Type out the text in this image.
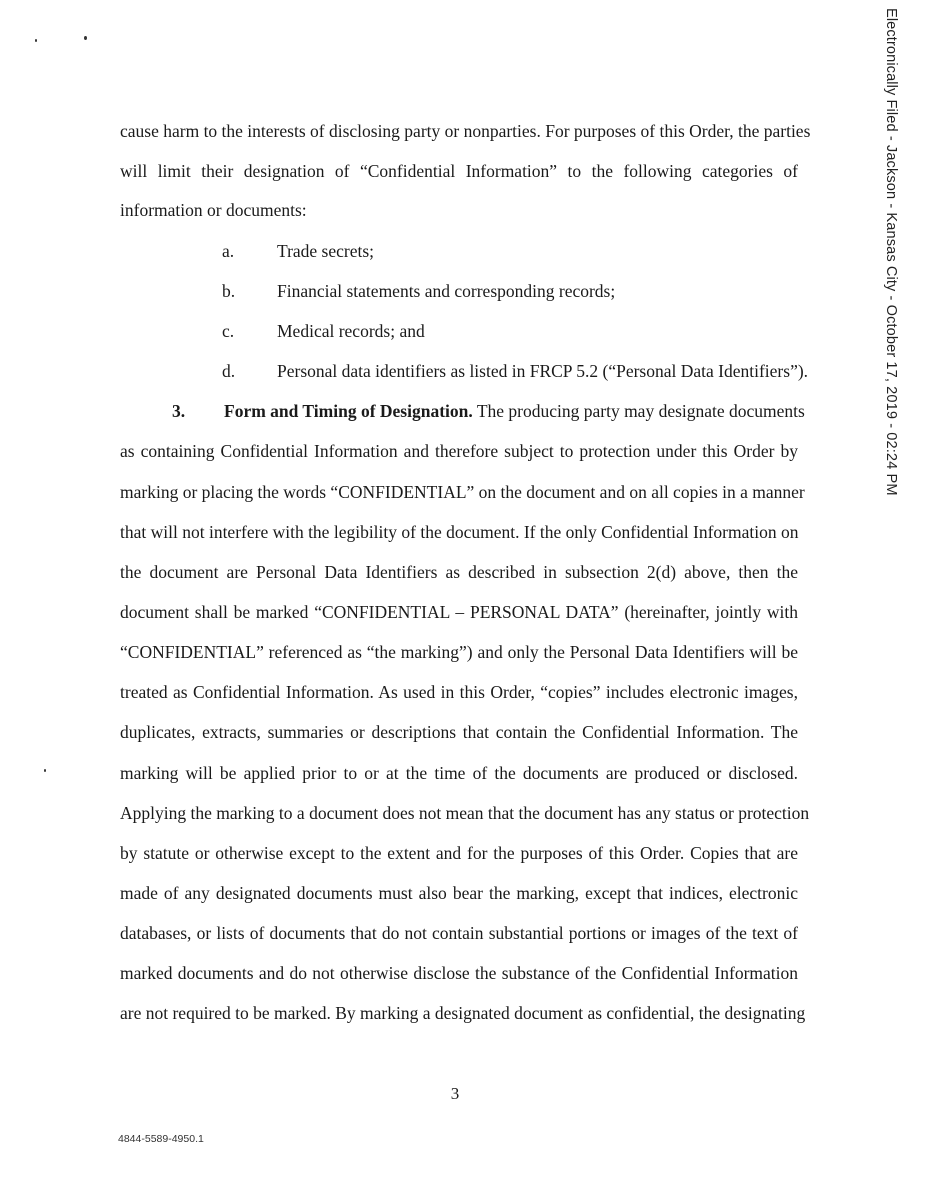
Electronically Filed - Jackson - Kansas City - October 17, 2019 - 02:24 PM

cause harm to the interests of disclosing party or nonparties. For purposes of this Order, the parties

will limit their designation of “Confidential Information” to the following categories of

information or documents:

a. Trade secrets;
b. Financial statements and corresponding records;
c. Medical records; and
d. Personal data identifiers as listed in FRCP 5.2 (“Personal Data Identifiers”).
3. Form and Timing of Designation. The producing party may designate documents

as containing Confidential Information and therefore subject to protection under this Order by

marking or placing the words “CONFIDENTIAL” on the document and on all copies in a manner

that will not interfere with the legibility of the document. If the only Confidential Information on

the document are Personal Data Identifiers as described in subsection 2(d) above, then the

document shall be marked “CONFIDENTIAL – PERSONAL DATA” (hereinafter, jointly with

“CONFIDENTIAL” referenced as “the marking”) and only the Personal Data Identifiers will be

treated as Confidential Information. As used in this Order, “copies” includes electronic images,

duplicates, extracts, summaries or descriptions that contain the Confidential Information. The

marking will be applied prior to or at the time of the documents are produced or disclosed.

Applying the marking to a document does not mean that the document has any status or protection

by statute or otherwise except to the extent and for the purposes of this Order. Copies that are

made of any designated documents must also bear the marking, except that indices, electronic

databases, or lists of documents that do not contain substantial portions or images of the text of

marked documents and do not otherwise disclose the substance of the Confidential Information

are not required to be marked. By marking a designated document as confidential, the designating

3
4844-5589-4950.1
